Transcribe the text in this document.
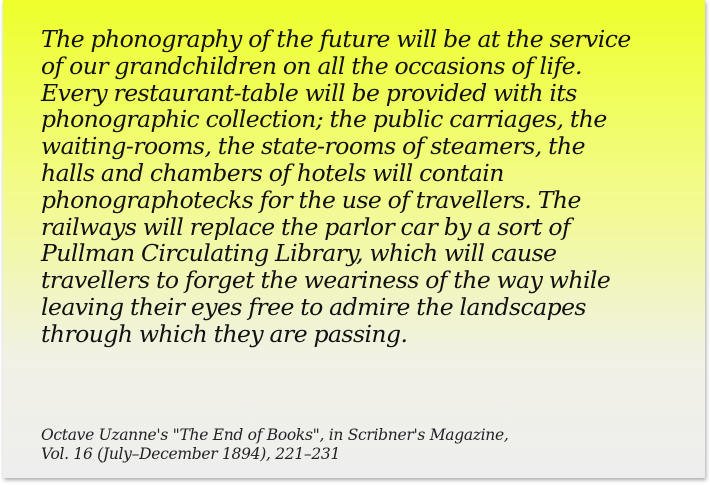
The phonography of the future will be at the service
of our grandchildren on all the occasions of life.
Every restaurant-table will be provided with its
phonographic collection; the public carriages, the
waiting-rooms, the state-rooms of steamers, the
halls and chambers of hotels will contain
phonographotecks for the use of travellers. The
railways will replace the parlor car by a sort of
Pullman Circulating Library, which will cause
travellers to forget the weariness of the way while
leaving their eyes free to admire the landscapes
through which they are passing.

Octave Uzanne's "The End of Books", in Scribner's Magazine,
Vol. 16 (July–December 1894), 221–231
